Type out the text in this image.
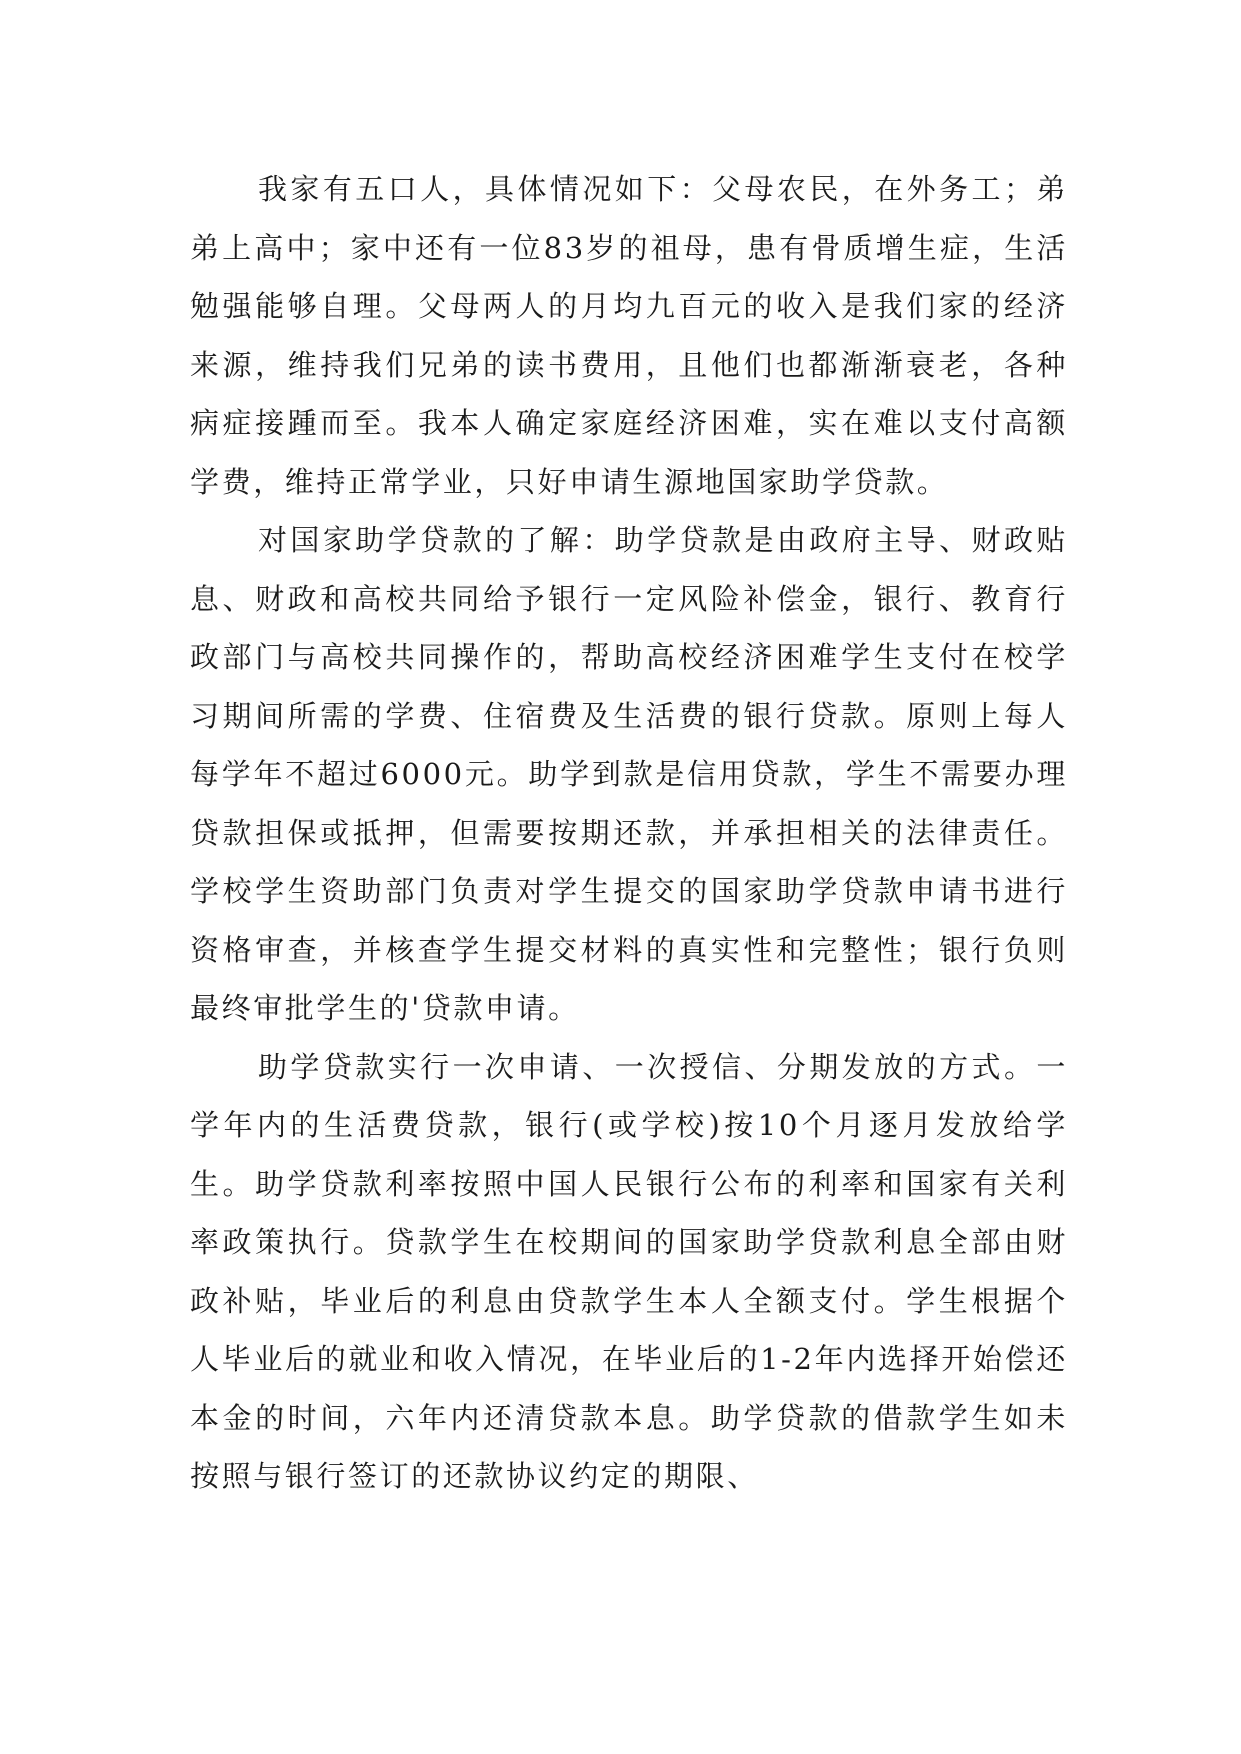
我家有五口人，具体情况如下：父母农民，在外务工；弟弟上高中；家中还有一位83岁的祖母，患有骨质增生症，生活勉强能够自理。父母两人的月均九百元的收入是我们家的经济来源，维持我们兄弟的读书费用，且他们也都渐渐衰老，各种病症接踵而至。我本人确定家庭经济困难，实在难以支付高额学费，维持正常学业，只好申请生源地国家助学贷款。

对国家助学贷款的了解：助学贷款是由政府主导、财政贴息、财政和高校共同给予银行一定风险补偿金，银行、教育行政部门与高校共同操作的，帮助高校经济困难学生支付在校学习期间所需的学费、住宿费及生活费的银行贷款。原则上每人每学年不超过6000元。助学到款是信用贷款，学生不需要办理贷款担保或抵押，但需要按期还款，并承担相关的法律责任。学校学生资助部门负责对学生提交的国家助学贷款申请书进行资格审查，并核查学生提交材料的真实性和完整性；银行负则最终审批学生的'贷款申请。

助学贷款实行一次申请、一次授信、分期发放的方式。一学年内的生活费贷款，银行(或学校)按10个月逐月发放给学生。助学贷款利率按照中国人民银行公布的利率和国家有关利率政策执行。贷款学生在校期间的国家助学贷款利息全部由财政补贴，毕业后的利息由贷款学生本人全额支付。学生根据个人毕业后的就业和收入情况，在毕业后的1-2年内选择开始偿还本金的时间，六年内还清贷款本息。助学贷款的借款学生如未按照与银行签订的还款协议约定的期限、
